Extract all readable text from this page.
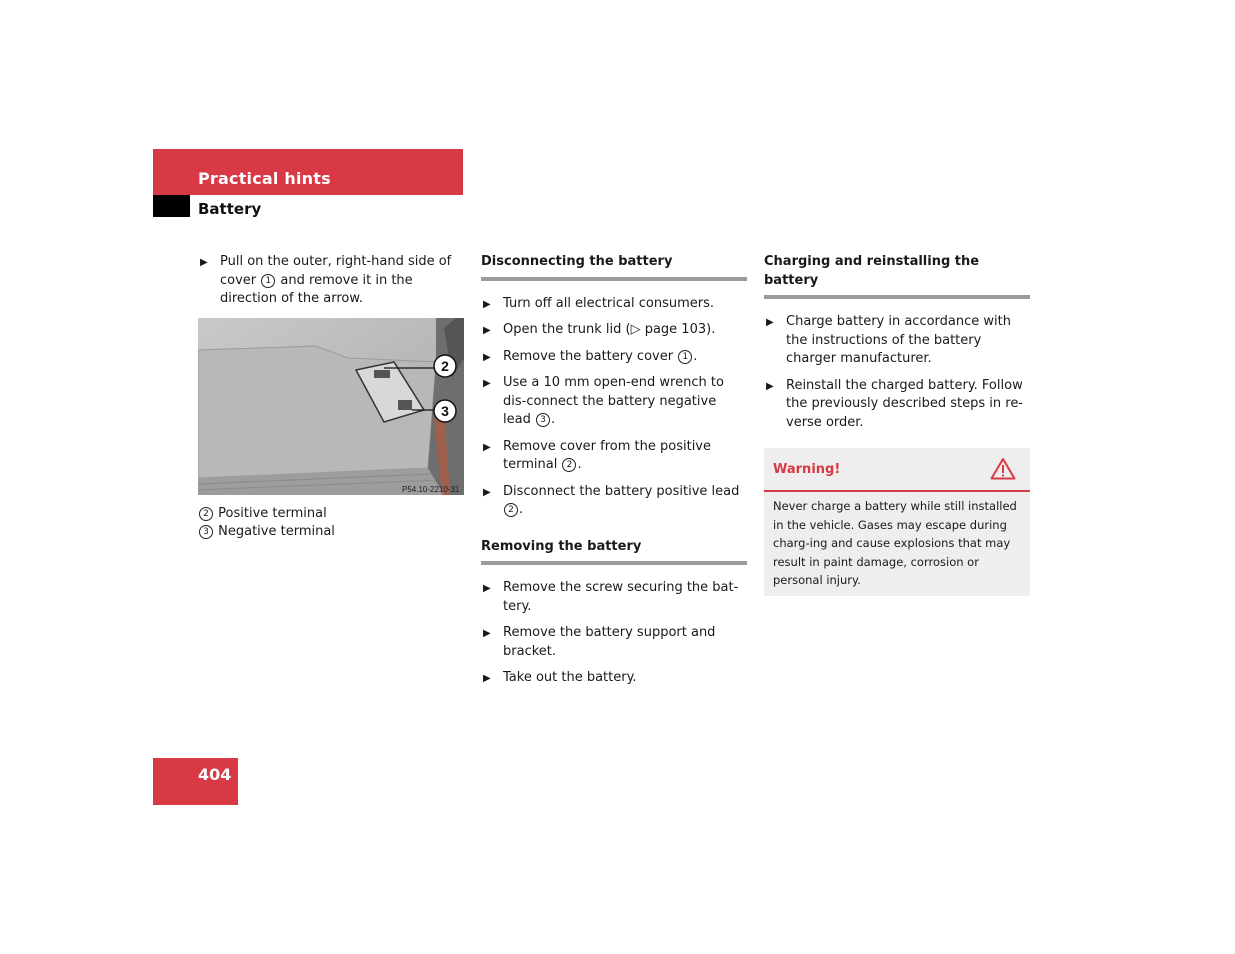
Practical hints
Battery
▶ Pull on the outer, right-hand side of cover 1 and remove it in the direction of the arrow.

2
3
P54.10-2210-31
2 Positive terminal
3 Negative terminal
Disconnecting the battery
▶ Turn off all electrical consumers.

▶ Open the trunk lid (▷ page 103).

▶ Remove the battery cover 1 .

▶ Use a 10 mm open-end wrench to dis-connect the battery negative lead 3 .

▶ Remove cover from the positive terminal 2 .

▶ Disconnect the battery positive lead 2 .

Removing the battery
▶ Remove the screw securing the bat-tery.

▶ Remove the battery support and bracket.

▶ Take out the battery.

Charging and reinstalling the battery
▶ Charge battery in accordance with the instructions of the battery charger manufacturer.

▶ Reinstall the charged battery. Follow the previously described steps in re-verse order.

Warning!
Never charge a battery while still installed in the vehicle. Gases may escape during charg-ing and cause explosions that may result in paint damage, corrosion or personal injury.
404
